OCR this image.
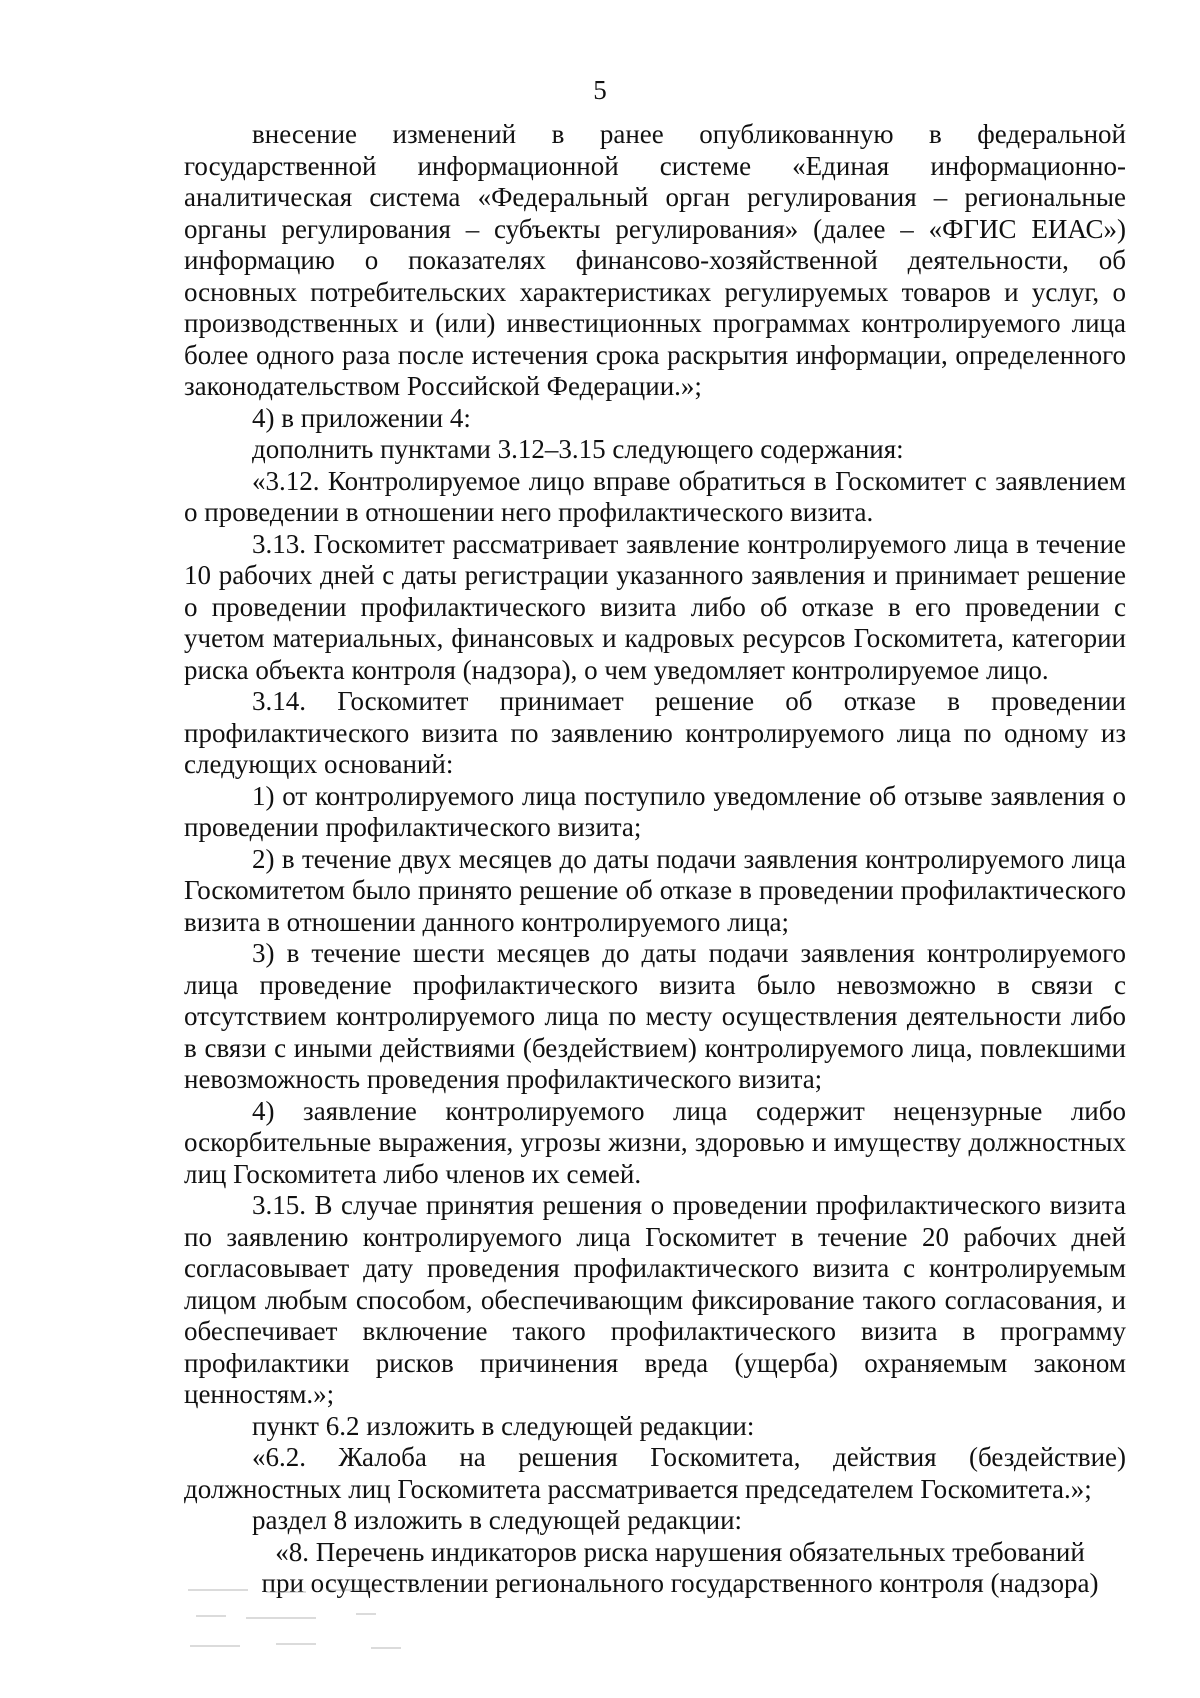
5

внесение изменений в ранее опубликованную в федеральной государственной информационной системе «Единая информационно-аналитическая система «Федеральный орган регулирования – региональные органы регулирования – субъекты регулирования» (далее – «ФГИС ЕИАС») информацию о показателях финансово-хозяйственной деятельности, об основных потребительских характеристиках регулируемых товаров и услуг, о производственных и (или) инвестиционных программах контролируемого лица более одного раза после истечения срока раскрытия информации, определенного законодательством Российской Федерации.»;

4) в приложении 4:

дополнить пунктами 3.12–3.15 следующего содержания:

«3.12. Контролируемое лицо вправе обратиться в Госкомитет с заявлением о проведении в отношении него профилактического визита.

3.13. Госкомитет рассматривает заявление контролируемого лица в течение 10 рабочих дней с даты регистрации указанного заявления и принимает решение о проведении профилактического визита либо об отказе в его проведении с учетом материальных, финансовых и кадровых ресурсов Госкомитета, категории риска объекта контроля (надзора), о чем уведомляет контролируемое лицо.

3.14. Госкомитет принимает решение об отказе в проведении профилактического визита по заявлению контролируемого лица по одному из следующих оснований:

1) от контролируемого лица поступило уведомление об отзыве заявления о проведении профилактического визита;

2) в течение двух месяцев до даты подачи заявления контролируемого лица Госкомитетом было принято решение об отказе в проведении профилактического визита в отношении данного контролируемого лица;

3) в течение шести месяцев до даты подачи заявления контролируемого лица проведение профилактического визита было невозможно в связи с отсутствием контролируемого лица по месту осуществления деятельности либо в связи с иными действиями (бездействием) контролируемого лица, повлекшими невозможность проведения профилактического визита;

4) заявление контролируемого лица содержит нецензурные либо оскорбительные выражения, угрозы жизни, здоровью и имуществу должностных лиц Госкомитета либо членов их семей.

3.15. В случае принятия решения о проведении профилактического визита по заявлению контролируемого лица Госкомитет в течение 20 рабочих дней согласовывает дату проведения профилактического визита с контролируемым лицом любым способом, обеспечивающим фиксирование такого согласования, и обеспечивает включение такого профилактического визита в программу профилактики рисков причинения вреда (ущерба) охраняемым законом ценностям.»;

пункт 6.2 изложить в следующей редакции:

«6.2. Жалоба на решения Госкомитета, действия (бездействие) должностных лиц Госкомитета рассматривается председателем Госкомитета.»;

раздел 8 изложить в следующей редакции:

«8. Перечень индикаторов риска нарушения обязательных требований
при осуществлении регионального государственного контроля (надзора)
